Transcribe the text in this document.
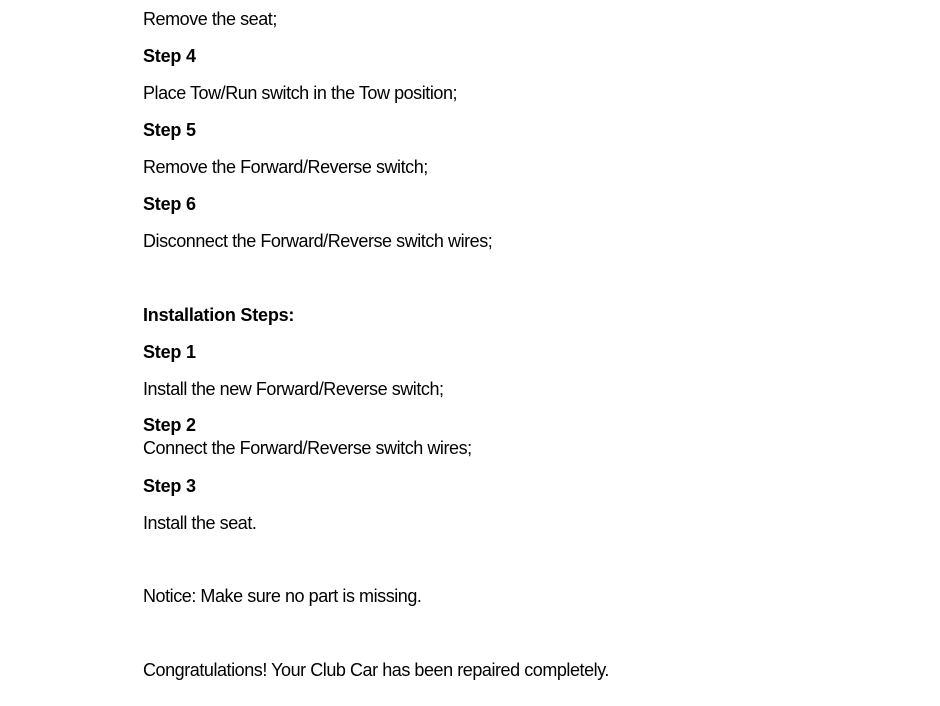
Remove the seat;
Step 4
Place Tow/Run switch in the Tow position;
Step 5
Remove the Forward/Reverse switch;
Step 6
Disconnect the Forward/Reverse switch wires;
Installation Steps:
Step 1
Install the new Forward/Reverse switch;
Step 2
Connect the Forward/Reverse switch wires;
Step 3
Install the seat.
Notice: Make sure no part is missing.
Congratulations! Your Club Car has been repaired completely.
